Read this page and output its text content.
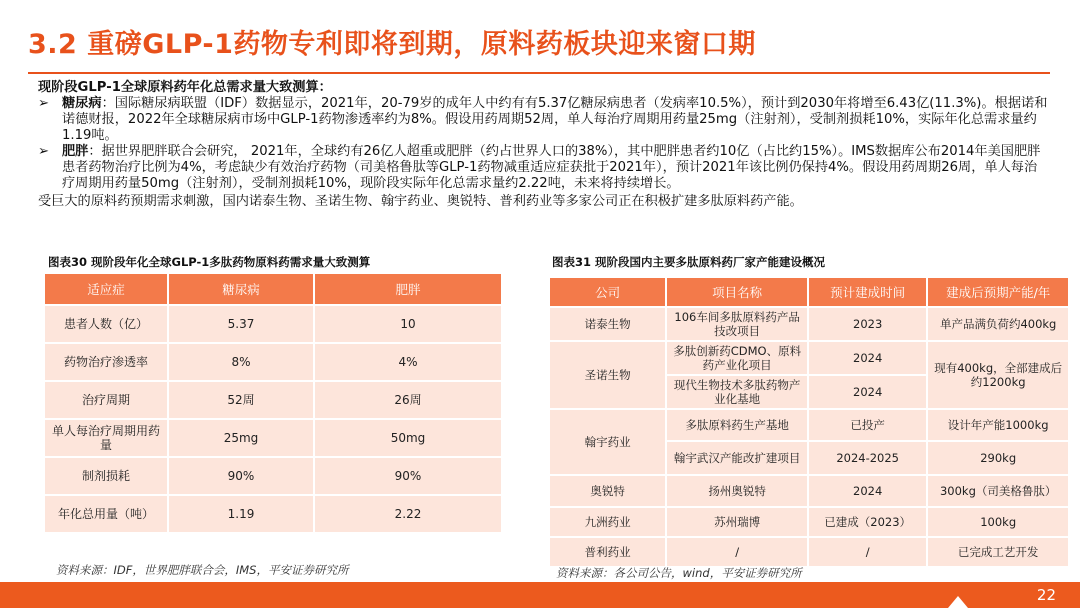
3.2 重磅GLP-1药物专利即将到期，原料药板块迎来窗口期
现阶段GLP-1全球原料药年化总需求量大致测算：
➢ 糖尿病：国际糖尿病联盟（IDF）数据显示，2021年，20-79岁的成年人中约有有5.37亿糖尿病患者（发病率10.5%），预计到2030年将增至6.43亿(11.3%)。根据诺和诺德财报，2022年全球糖尿病市场中GLP-1药物渗透率约为8%。假设用药周期52周，单人每治疗周期用药量25mg（注射剂），受制剂损耗10%，实际年化总需求量约1.19吨。
➢ 肥胖：据世界肥胖联合会研究， 2021年，全球约有26亿人超重或肥胖（约占世界人口的38%），其中肥胖患者约10亿（占比约15%）。IMS数据库公布2014年美国肥胖患者药物治疗比例为4%，考虑缺少有效治疗药物（司美格鲁肽等GLP-1药物减重适应症获批于2021年），预计2021年该比例仍保持4%。假设用药周期26周，单人每治疗周期用药量50mg（注射剂），受制剂损耗10%，现阶段实际年化总需求量约2.22吨，未来将持续增长。
受巨大的原料药预期需求刺激，国内诺泰生物、圣诺生物、翰宇药业、奥锐特、普利药业等多家公司正在积极扩建多肽原料药产能。
图表30 现阶段年化全球GLP-1多肽药物原料药需求量大致测算
适应症	糖尿病	肥胖
患者人数（亿）	5.37	10
药物治疗渗透率	8%	4%
治疗周期	52周	26周
单人每治疗周期用药量	25mg	50mg
制剂损耗	90%	90%
年化总用量（吨）	1.19	2.22
资料来源：IDF，世界肥胖联合会，IMS，平安证券研究所
图表31 现阶段国内主要多肽原料药厂家产能建设概况
公司	项目名称	预计建成时间	建成后预期产能/年
诺泰生物	106车间多肽原料药产品技改项目	2023	单产品满负荷约400kg
圣诺生物	多肽创新药CDMO、原料药产业化项目	2024	现有400kg，全部建成后约1200kg
	现代生物技术多肽药物产业化基地	2024	
翰宇药业	多肽原料药生产基地	已投产	设计年产能1000kg
	翰宇武汉产能改扩建项目	2024-2025	290kg
奥锐特	扬州奥锐特	2024	300kg（司美格鲁肽）
九洲药业	苏州瑞博	已建成（2023）	100kg
普利药业	/	/	已完成工艺开发
资料来源：各公司公告，wind，平安证券研究所
22
